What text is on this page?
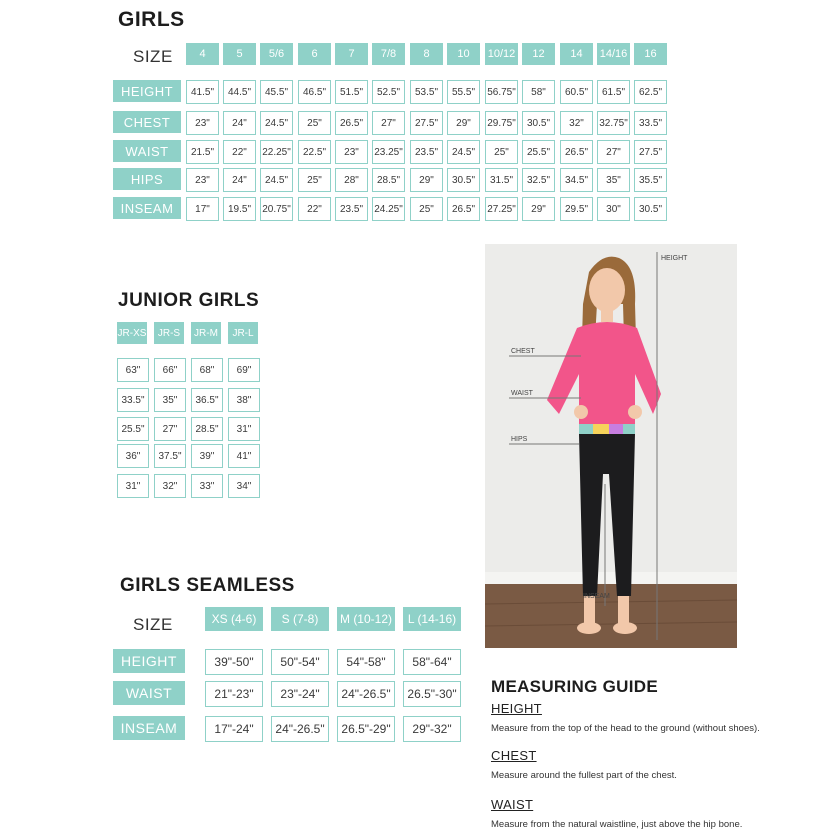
GIRLS
SIZE	4	5	5/6	6	7	7/8	8	10	10/12	12	14	14/16	16
HEIGHT	41.5"	44.5"	45.5"	46.5"	51.5"	52.5"	53.5"	55.5"	56.75"	58"	60.5"	61.5"	62.5"
CHEST	23"	24"	24.5"	25"	26.5"	27"	27.5"	29"	29.75"	30.5"	32"	32.75"	33.5"
WAIST	21.5"	22"	22.25"	22.5"	23"	23.25"	23.5"	24.5"	25"	25.5"	26.5"	27"	27.5"
HIPS	23"	24"	24.5"	25"	28"	28.5"	29"	30.5"	31.5"	32.5"	34.5"	35"	35.5"
INSEAM	17"	19.5"	20.75"	22"	23.5"	24.25"	25"	26.5"	27.25"	29"	29.5"	30"	30.5"
JUNIOR GIRLS
JR-XS	JR-S	JR-M	JR-L
63"	66"	68"	69"
33.5"	35"	36.5"	38"
25.5"	27"	28.5"	31"
36"	37.5"	39"	41"
31"	32"	33"	34"
GIRLS SEAMLESS
SIZE	XS (4-6)	S (7-8)	M (10-12)	L (14-16)
HEIGHT	39"-50"	50"-54"	54"-58"	58"-64"
WAIST	21"-23"	23"-24"	24"-26.5"	26.5"-30"
INSEAM	17"-24"	24"-26.5"	26.5"-29"	29"-32"
HEIGHT
CHEST
WAIST
HIPS
INSEAM
MEASURING GUIDE
HEIGHT
Measure from the top of the head to the ground (without shoes).
CHEST
Measure around the fullest part of the chest.
WAIST
Measure from the natural waistline, just above the hip bone.
